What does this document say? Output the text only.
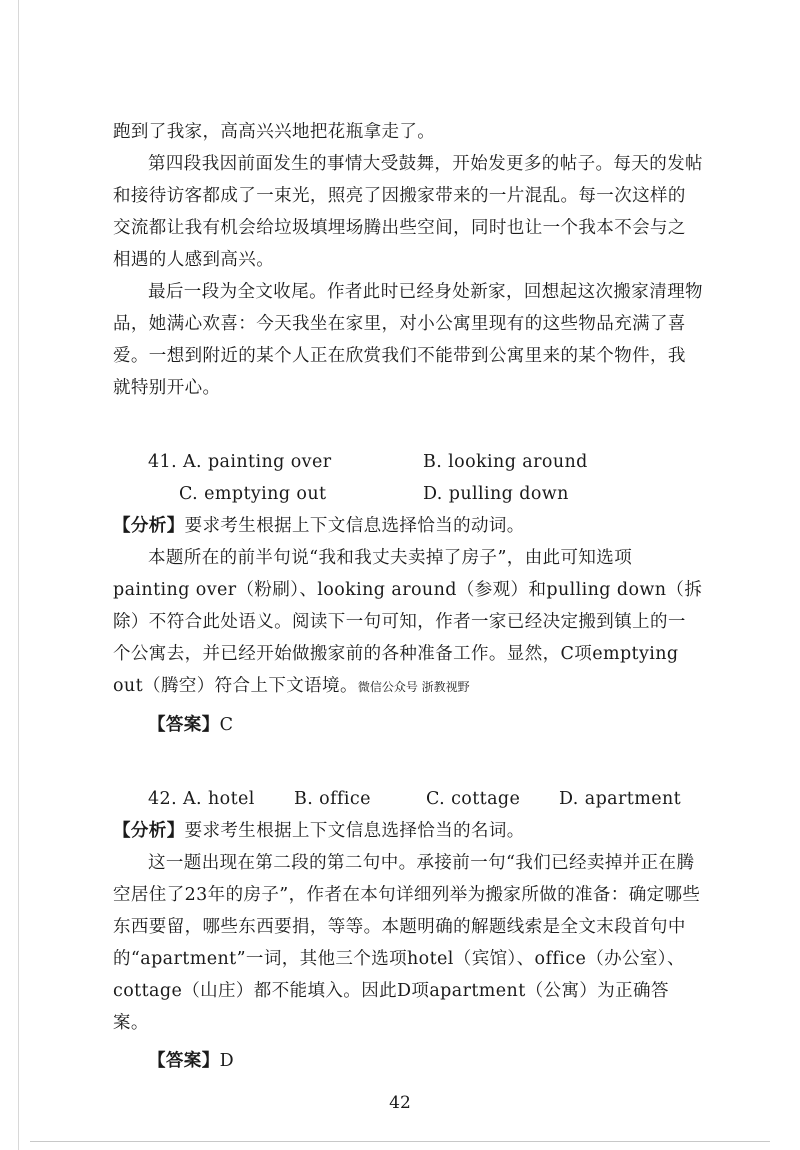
跑到了我家，高高兴兴地把花瓶拿走了。

第四段我因前面发生的事情大受鼓舞，开始发更多的帖子。每天的发帖和接待访客都成了一束光，照亮了因搬家带来的一片混乱。每一次这样的交流都让我有机会给垃圾填埋场腾出些空间，同时也让一个我本不会与之相遇的人感到高兴。

最后一段为全文收尾。作者此时已经身处新家，回想起这次搬家清理物品，她满心欢喜：今天我坐在家里，对小公寓里现有的这些物品充满了喜爱。一想到附近的某个人正在欣赏我们不能带到公寓里来的某个物件，我就特别开心。

41. A. painting over	B. looking around
C. emptying out	D. pulling down

【分析】要求考生根据上下文信息选择恰当的动词。

本题所在的前半句说“我和我丈夫卖掉了房子”，由此可知选项painting over（粉刷）、looking around（参观）和pulling down（拆除）不符合此处语义。阅读下一句可知，作者一家已经决定搬到镇上的一个公寓去，并已经开始做搬家前的各种准备工作。显然，C项emptying out（腾空）符合上下文语境。微信公众号 浙教视野

【答案】C

42. A. hotel B. office	C. cottage D. apartment

【分析】要求考生根据上下文信息选择恰当的名词。

这一题出现在第二段的第二句中。承接前一句“我们已经卖掉并正在腾空居住了23年的房子”，作者在本句详细列举为搬家所做的准备：确定哪些东西要留，哪些东西要捐，等等。本题明确的解题线索是全文末段首句中的“apartment”一词，其他三个选项hotel（宾馆）、office（办公室）、cottage（山庄）都不能填入。因此D项apartment（公寓）为正确答案。

【答案】D

42
